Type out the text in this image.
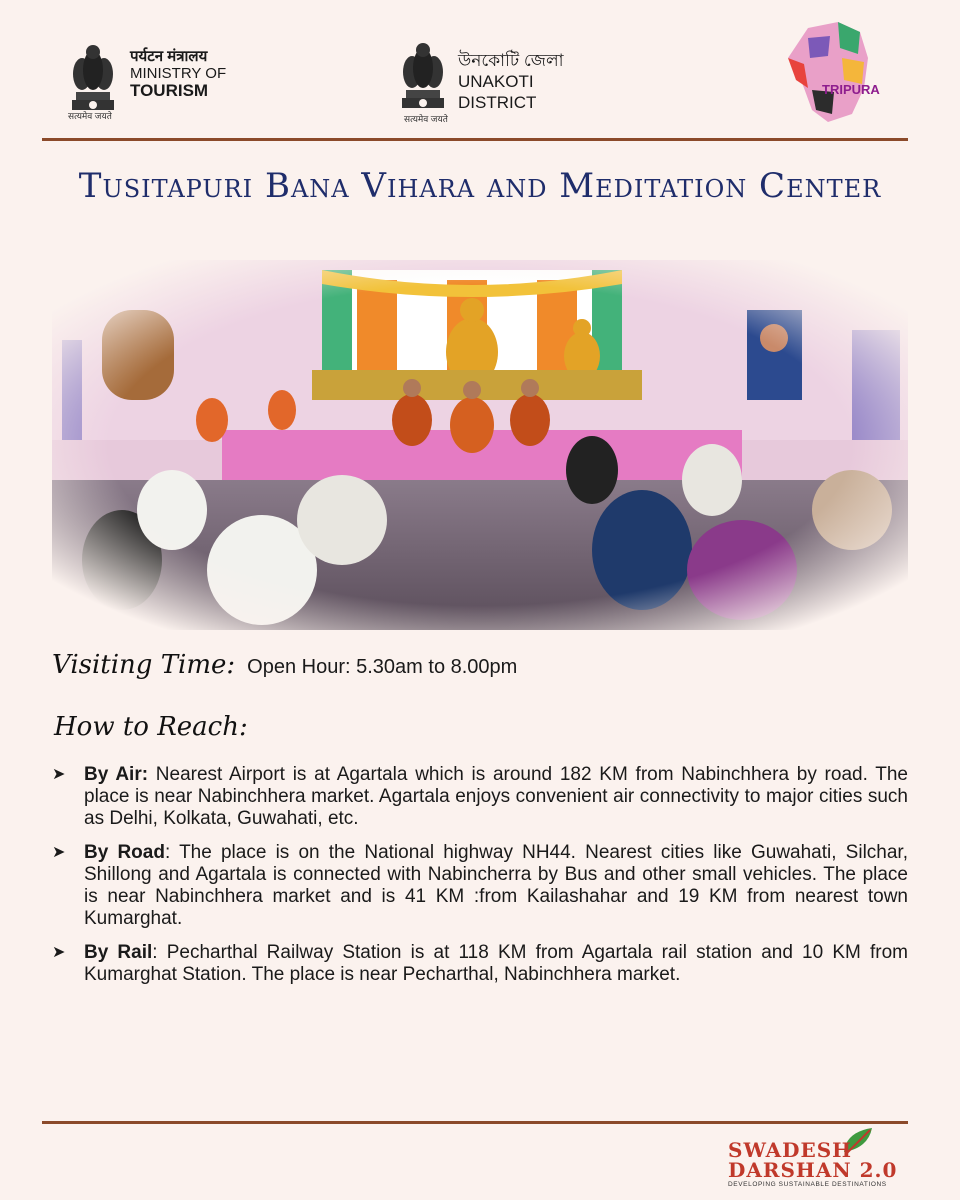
सत्यमेव जयते
पर्यटन मंत्रालय
MINISTRY OF
TOURISM
सत्यमेव जयते
উনকোটি জেলা
UNAKOTI
DISTRICT
TRIPURA
Tusitapuri Bana Vihara and Meditation Center
Visiting Time: Open Hour: 5.30am to 8.00pm
How to Reach:
➤ By Air: Nearest Airport is at Agartala which is around 182 KM from Nabinchhera by road. The place is near Nabinchhera market. Agartala enjoys convenient air connectivity to major cities such as Delhi, Kolkata, Guwahati, etc.
➤ By Road: The place is on the National highway NH44. Nearest cities like Guwahati, Silchar, Shillong and Agartala is connected with Nabincherra by Bus and other small vehicles. The place is near Nabinchhera market and is 41 KM :from Kailashahar and 19 KM from nearest town Kumarghat.
➤ By Rail: Pecharthal Railway Station is at 118 KM from Agartala rail station and 10 KM from Kumarghat Station. The place is near Pecharthal, Nabinchhera market.
SWADESH
DARSHAN 2.0
DEVELOPING SUSTAINABLE DESTINATIONS
